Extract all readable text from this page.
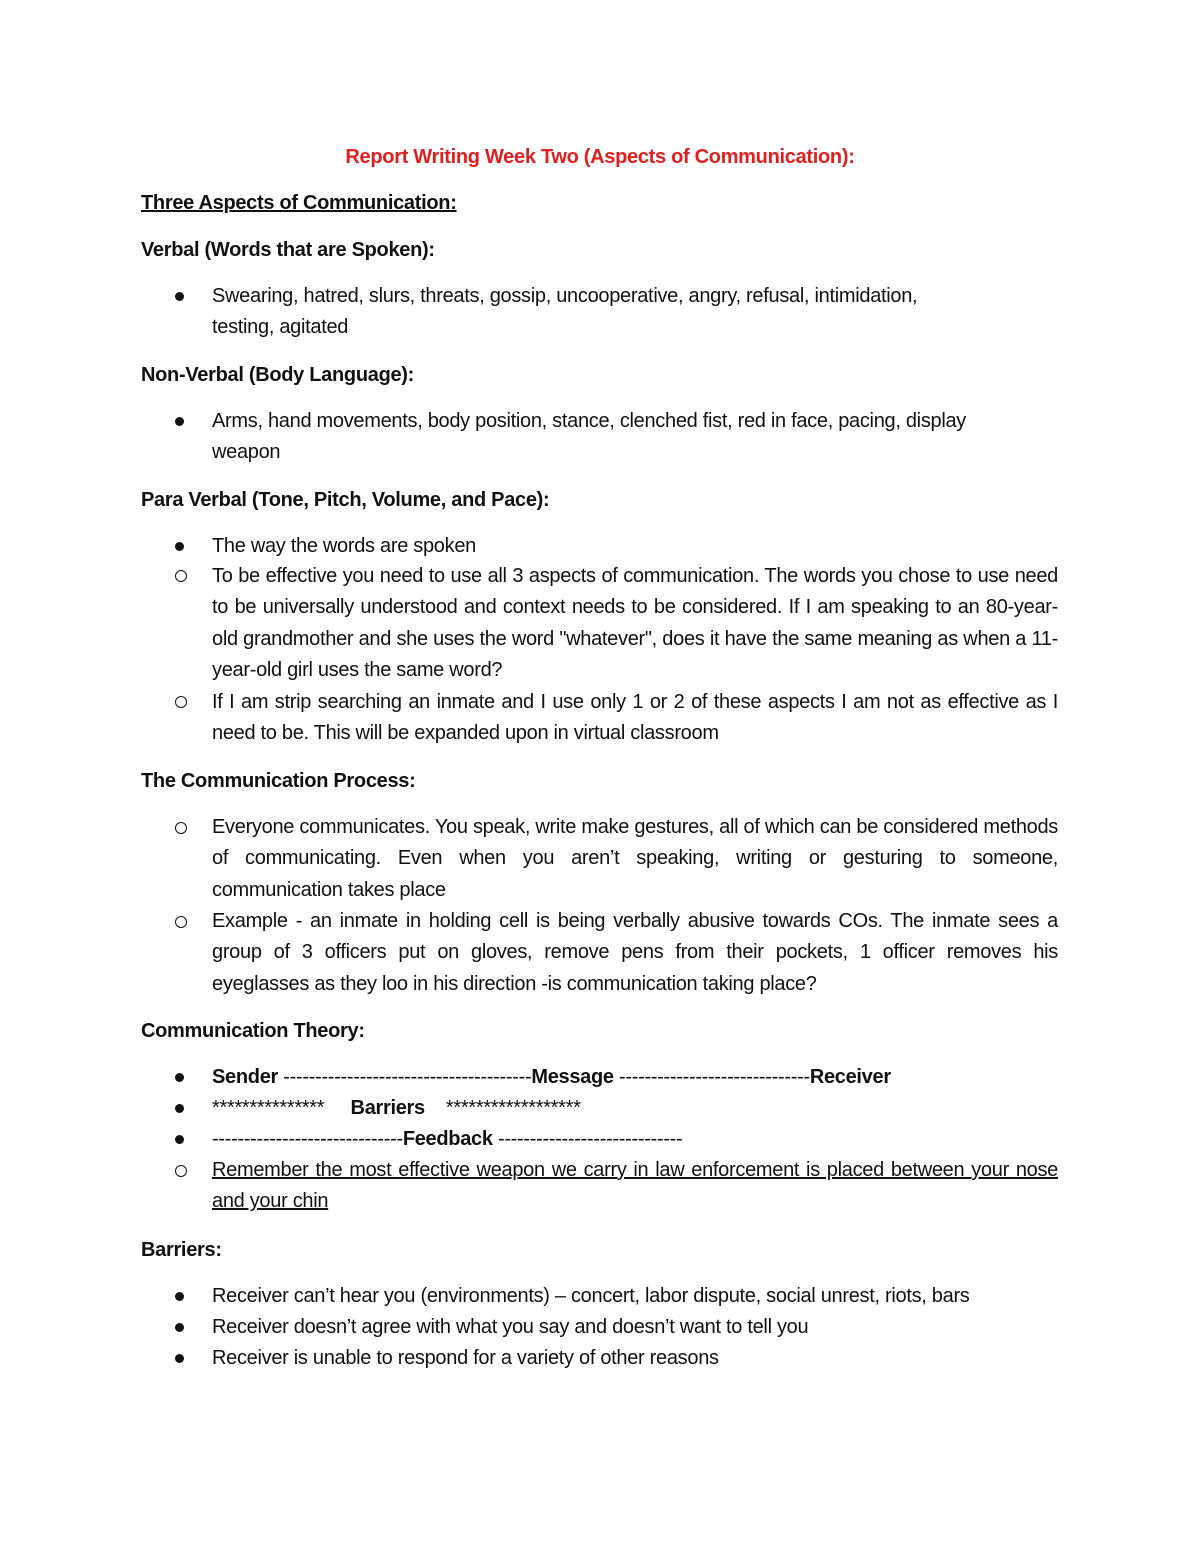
Report Writing Week Two (Aspects of Communication):
Three Aspects of Communication:
Verbal (Words that are Spoken):
Swearing, hatred, slurs, threats, gossip, uncooperative, angry, refusal, intimidation,
testing, agitated
Non-Verbal (Body Language):
Arms, hand movements, body position, stance, clenched fist, red in face, pacing, display
weapon
Para Verbal (Tone, Pitch, Volume, and Pace):
The way the words are spoken
To be effective you need to use all 3 aspects of communication. The words you chose to use need to be universally understood and context needs to be considered. If I am speaking to an 80-year-old grandmother and she uses the word "whatever", does it have the same meaning as when a 11-year-old girl uses the same word?
If I am strip searching an inmate and I use only 1 or 2 of these aspects I am not as effective as I need to be. This will be expanded upon in virtual classroom
The Communication Process:
Everyone communicates. You speak, write make gestures, all of which can be considered methods of communicating. Even when you aren’t speaking, writing or gesturing to someone, communication takes place
Example - an inmate in holding cell is being verbally abusive towards COs. The inmate sees a group of 3 officers put on gloves, remove pens from their pockets, 1 officer removes his eyeglasses as they loo in his direction -is communication taking place?
Communication Theory:
Sender ---------------------------------------Message ------------------------------Receiver
*************** Barriers ******************
------------------------------Feedback -----------------------------
Remember the most effective weapon we carry in law enforcement is placed between your nose and your chin
Barriers:
Receiver can’t hear you (environments) – concert, labor dispute, social unrest, riots, bars
Receiver doesn’t agree with what you say and doesn’t want to tell you
Receiver is unable to respond for a variety of other reasons
